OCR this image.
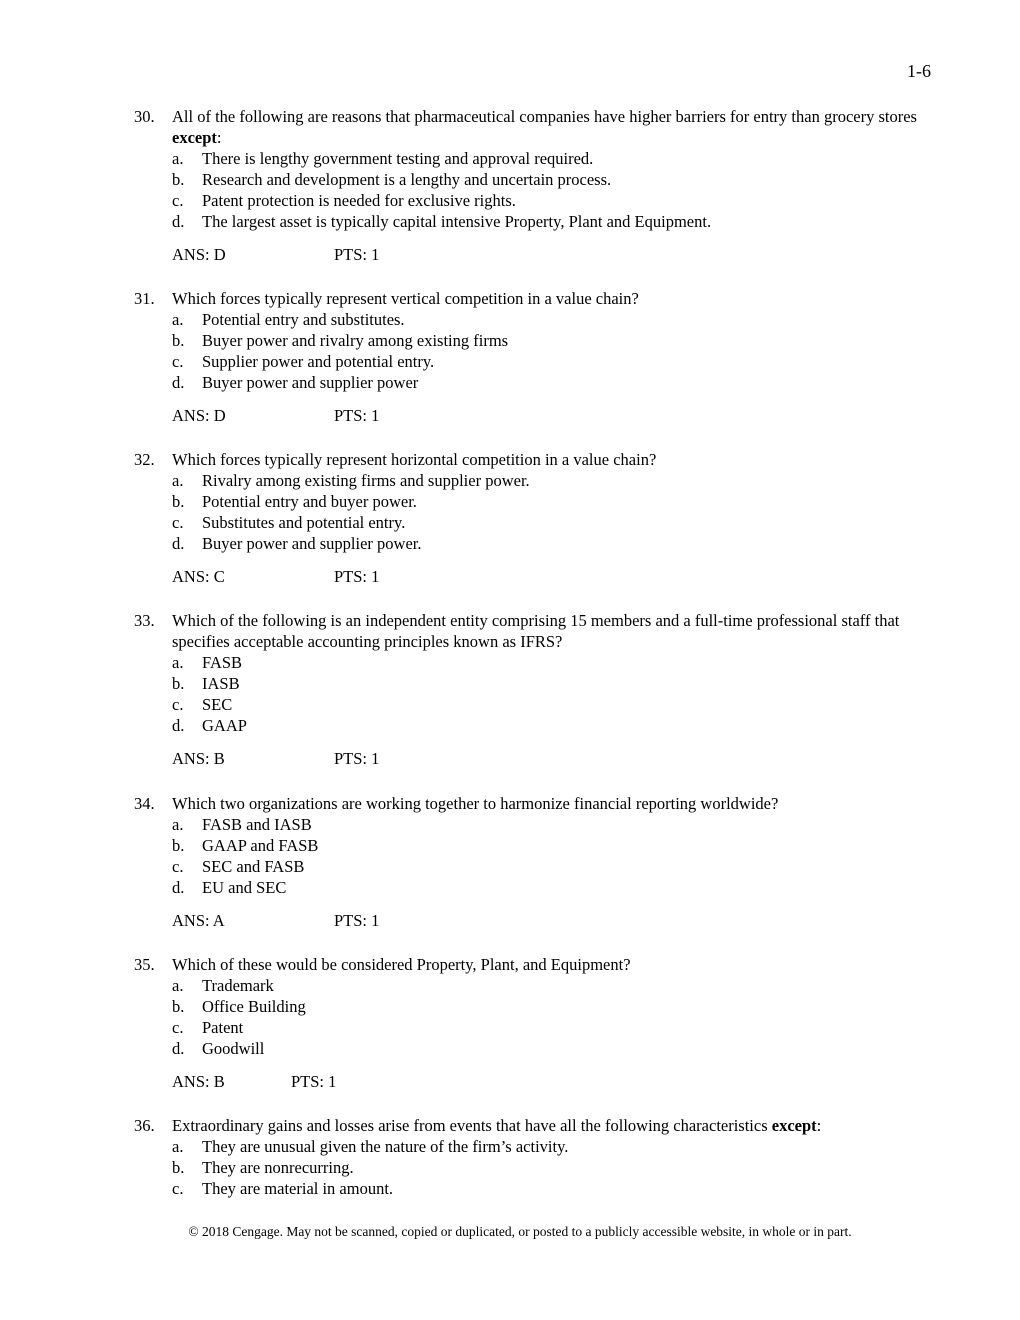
1-6
30.	All of the following are reasons that pharmaceutical companies have higher barriers for entry than grocery stores except:
a.	There is lengthy government testing and approval required.
b.	Research and development is a lengthy and uncertain process.
c.	Patent protection is needed for exclusive rights.
d.	The largest asset is typically capital intensive Property, Plant and Equipment.
ANS: D	PTS: 1
31.	Which forces typically represent vertical competition in a value chain?
a.	Potential entry and substitutes.
b.	Buyer power and rivalry among existing firms
c.	Supplier power and potential entry.
d.	Buyer power and supplier power
ANS: D	PTS: 1
32.	Which forces typically represent horizontal competition in a value chain?
a.	Rivalry among existing firms and supplier power.
b.	Potential entry and buyer power.
c.	Substitutes and potential entry.
d.	Buyer power and supplier power.
ANS: C	PTS: 1
33.	Which of the following is an independent entity comprising 15 members and a full-time professional staff that specifies acceptable accounting principles known as IFRS?
a.	FASB
b.	IASB
c.	SEC
d.	GAAP
ANS: B	PTS: 1
34.	Which two organizations are working together to harmonize financial reporting worldwide?
a.	FASB and IASB
b.	GAAP and FASB
c.	SEC and FASB
d.	EU and SEC
ANS: A	PTS: 1
35.	Which of these would be considered Property, Plant, and Equipment?
a.	Trademark
b.	Office Building
c.	Patent
d.	Goodwill
ANS: B	PTS: 1
36.	Extraordinary gains and losses arise from events that have all the following characteristics except:
a.	They are unusual given the nature of the firm’s activity.
b.	They are nonrecurring.
c.	They are material in amount.
© 2018 Cengage. May not be scanned, copied or duplicated, or posted to a publicly accessible website, in whole or in part.
